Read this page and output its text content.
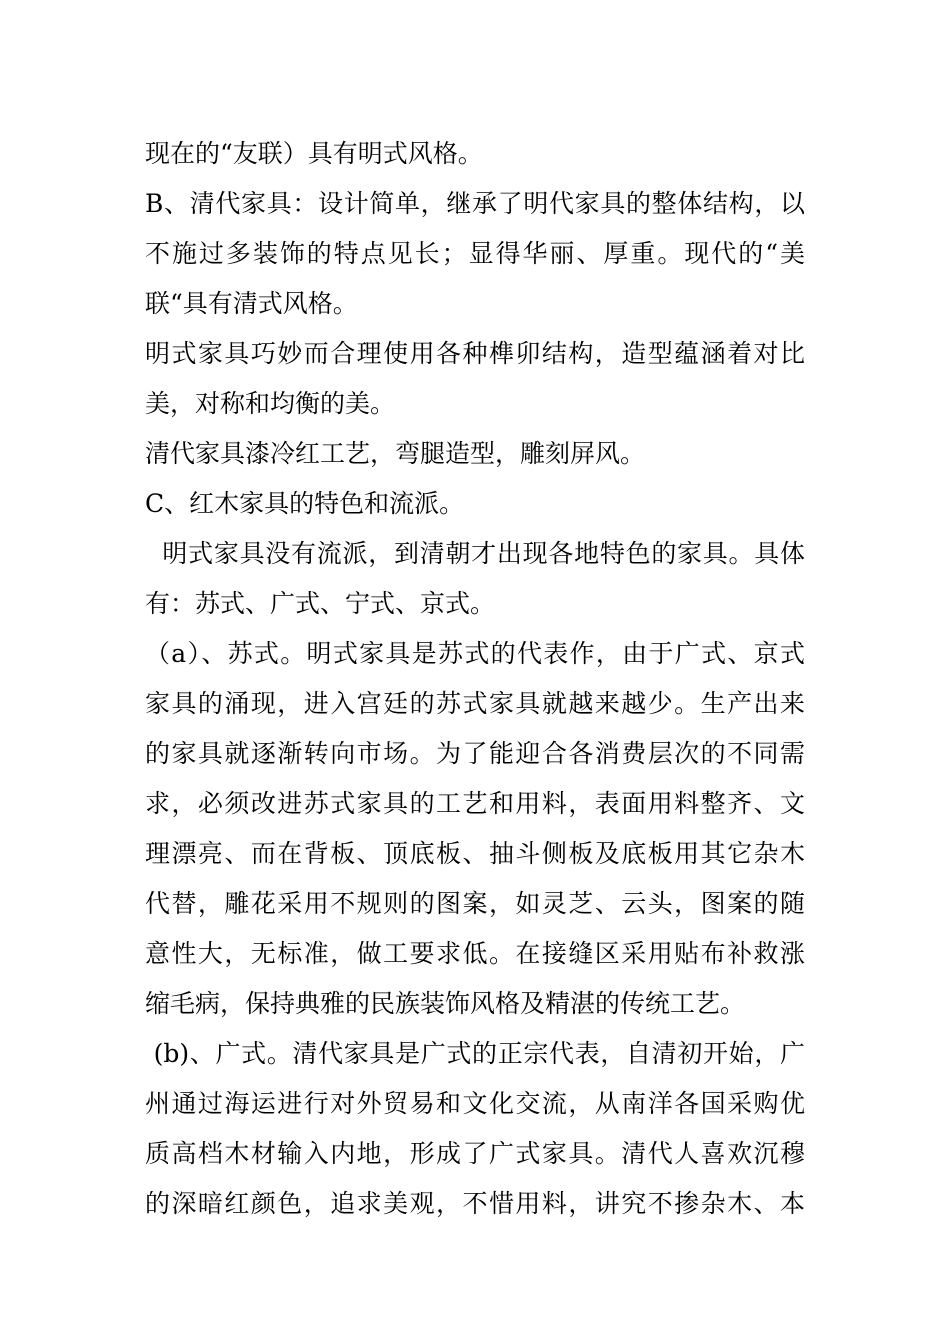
现在的“友联）具有明式风格。
B、清代家具：设计简单，继承了明代家具的整体结构，以
不施过多装饰的特点见长；显得华丽、厚重。现代的“美
联“具有清式风格。
明式家具巧妙而合理使用各种榫卯结构，造型蕴涵着对比
美，对称和均衡的美。
清代家具漆冷红工艺，弯腿造型，雕刻屏风。
C、红木家具的特色和流派。
明式家具没有流派，到清朝才出现各地特色的家具。具体
有：苏式、广式、宁式、京式。
（a）、苏式。明式家具是苏式的代表作，由于广式、京式
家具的涌现，进入宫廷的苏式家具就越来越少。生产出来
的家具就逐渐转向市场。为了能迎合各消费层次的不同需
求，必须改进苏式家具的工艺和用料，表面用料整齐、文
理漂亮、而在背板、顶底板、抽斗侧板及底板用其它杂木
代替，雕花采用不规则的图案，如灵芝、云头，图案的随
意性大，无标准，做工要求低。在接缝区采用贴布补救涨
缩毛病，保持典雅的民族装饰风格及精湛的传统工艺。
(b)、广式。清代家具是广式的正宗代表，自清初开始，广
州通过海运进行对外贸易和文化交流，从南洋各国采购优
质高档木材输入内地，形成了广式家具。清代人喜欢沉穆
的深暗红颜色，追求美观，不惜用料，讲究不掺杂木、本
